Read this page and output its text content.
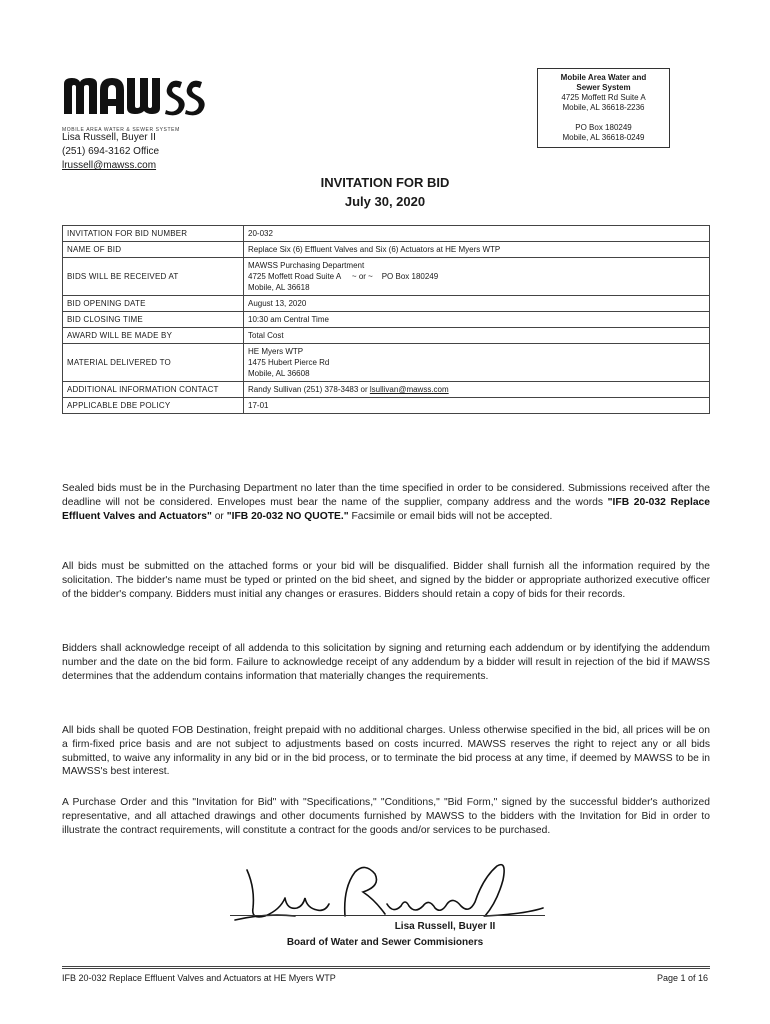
MOBILE AREA WATER & SEWER SYSTEM
Lisa Russell, Buyer II
(251) 694-3162 Office
lrussell@mawss.com
Mobile Area Water and
Sewer System
4725 Moffett Rd Suite A
Mobile, AL 36618-2236
PO Box 180249
Mobile, AL 36618-0249
INVITATION FOR BID
July 30, 2020
INVITATION FOR BID NUMBER	20-032
NAME OF BID	Replace Six (6) Effluent Valves and Six (6) Actuators at HE Myers WTP
BIDS WILL BE RECEIVED AT	MAWSS Purchasing Department
4725 Moffett Road Suite A     ~ or ~    PO Box 180249
Mobile, AL 36618

BID OPENING DATE	August 13, 2020
BID CLOSING TIME	10:30 am Central Time
AWARD WILL BE MADE BY	Total Cost
MATERIAL DELIVERED TO	HE Myers WTP
1475 Hubert Pierce Rd
Mobile, AL 36608

ADDITIONAL INFORMATION CONTACT	Randy Sullivan (251) 378-3483 or lsullivan@mawss.com
APPLICABLE DBE POLICY	17-01
Sealed bids must be in the Purchasing Department no later than the time specified in order to be considered. Submissions received after the deadline will not be considered. Envelopes must bear the name of the supplier, company address and the words "IFB 20-032 Replace Effluent Valves and Actuators" or "IFB 20-032 NO QUOTE." Facsimile or email bids will not be accepted.
All bids must be submitted on the attached forms or your bid will be disqualified. Bidder shall furnish all the information required by the solicitation. The bidder's name must be typed or printed on the bid sheet, and signed by the bidder or appropriate authorized executive officer of the bidder's company. Bidders must initial any changes or erasures. Bidders should retain a copy of bids for their records.
Bidders shall acknowledge receipt of all addenda to this solicitation by signing and returning each addendum or by identifying the addendum number and the date on the bid form. Failure to acknowledge receipt of any addendum by a bidder will result in rejection of the bid if MAWSS determines that the addendum contains information that materially changes the requirements.
All bids shall be quoted FOB Destination, freight prepaid with no additional charges. Unless otherwise specified in the bid, all prices will be on a firm-fixed price basis and are not subject to adjustments based on costs incurred. MAWSS reserves the right to reject any or all bids submitted, to waive any informality in any bid or in the bid process, or to terminate the bid process at any time, if deemed by MAWSS to be in MAWSS's best interest.
A Purchase Order and this "Invitation for Bid" with "Specifications," "Conditions," "Bid Form," signed by the successful bidder's authorized representative, and all attached drawings and other documents furnished by MAWSS to the bidders with the Invitation for Bid in order to illustrate the contract requirements, will constitute a contract for the goods and/or services to be purchased.
Lisa Russell, Buyer II
Board of Water and Sewer Commisioners
IFB 20-032 Replace Effluent Valves and Actuators at HE Myers WTP	Page 1 of 16
